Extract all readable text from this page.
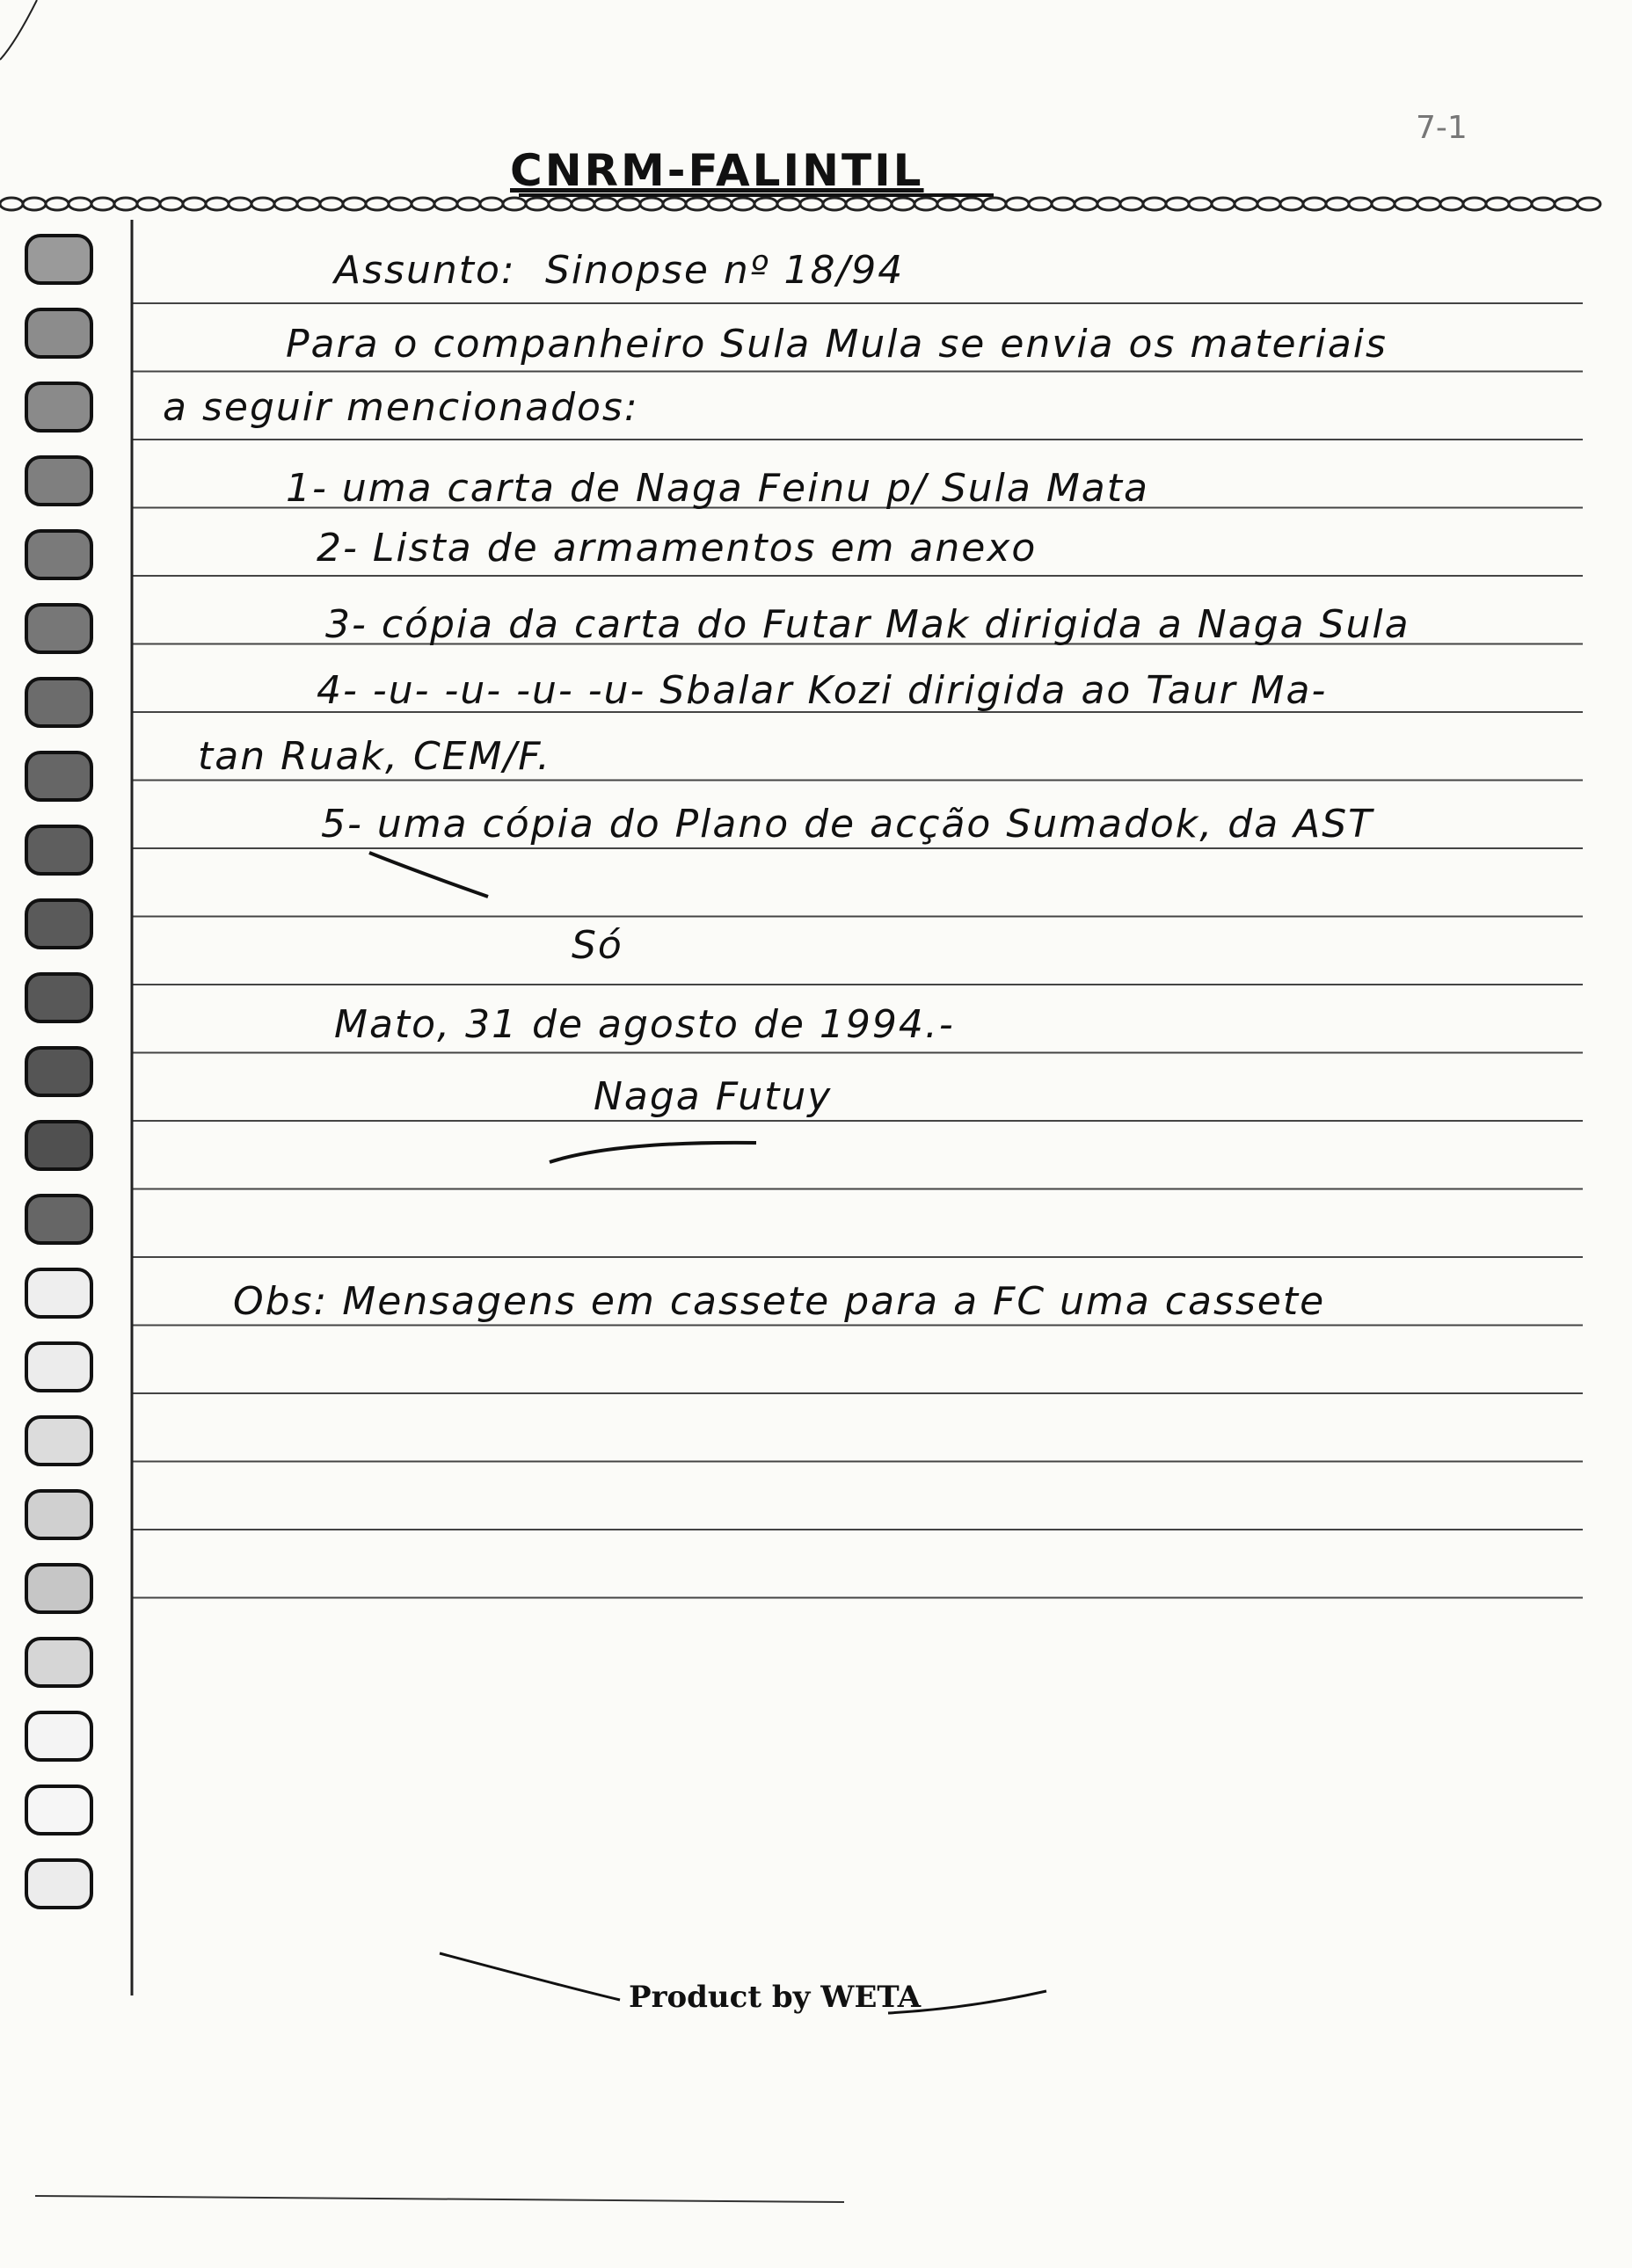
7-1
CNRM-FALINTIL
Assunto: Sinopse nº 18/94
Para o companheiro Sula Mula se envia os materiais
a seguir mencionados:
1- uma carta de Naga Feinu p/ Sula Mata
2- Lista de armamentos em anexo
3- cópia da carta do Futar Mak dirigida a Naga Sula
4- -u- -u- -u- -u- Sbalar Kozi dirigida ao Taur Ma-
tan Ruak, CEM/F.
5- uma cópia do Plano de acção Sumadok, da AST
Só
Mato, 31 de agosto de 1994.-
Naga Futuy
Obs: Mensagens em cassete para a FC uma cassete
Product by WETA
